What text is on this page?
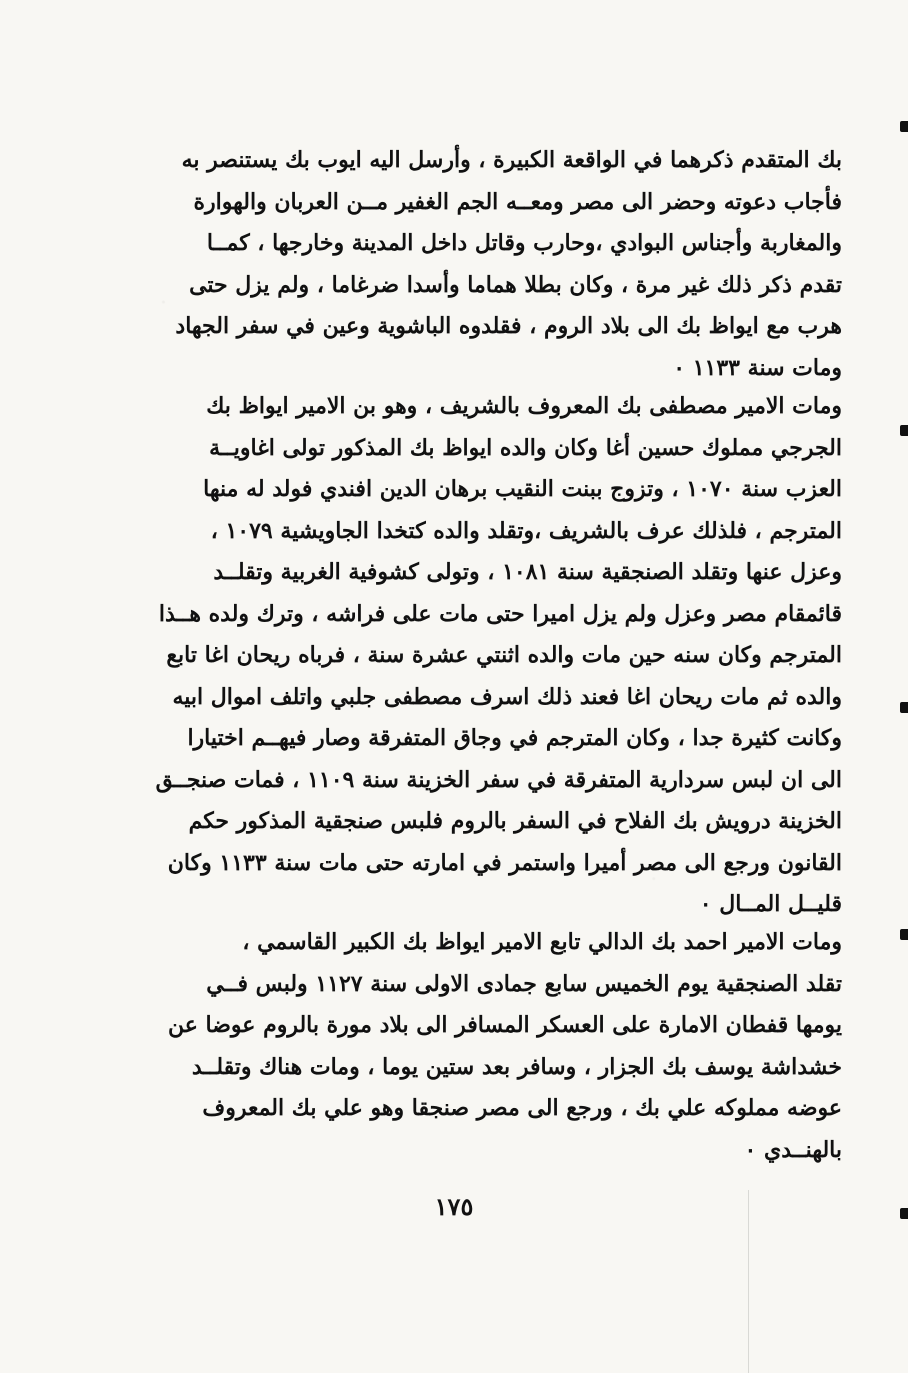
بك المتقدم ذكرهما في الواقعة الكبيرة ، وأرسل اليه ايوب بك يستنصر به
فأجاب دعوته وحضر الى مصر ومعــه الجم الغفير مــن العربان والهوارة
والمغاربة وأجناس البوادي ،وحارب وقاتل داخل المدينة وخارجها ، كمــا
تقدم ذكر ذلك غير مرة ، وكان بطلا هماما وأسدا ضرغاما ، ولم يزل حتى
هرب مع ايواظ بك الى بلاد الروم ، فقلدوه الباشوية وعين في سفر الجهاد
ومات سنة ١١٣٣ ٠
ومات الامير مصطفى بك المعروف بالشريف ، وهو بن الامير ايواظ بك
الجرجي مملوك حسين أغا وكان والده ايواظ بك المذكور تولى اغاويــة
العزب سنة ١٠٧٠ ، وتزوج ببنت النقيب برهان الدين افندي فولد له منها
المترجم ، فلذلك عرف بالشريف ،وتقلد والده كتخدا الجاويشية ١٠٧٩ ،
وعزل عنها وتقلد الصنجقية سنة ١٠٨١ ، وتولى كشوفية الغربية وتقلــد
قائمقام مصر وعزل ولم يزل اميرا حتى مات على فراشه ، وترك ولده هــذا
المترجم وكان سنه حين مات والده اثنتي عشرة سنة ، فرباه ريحان اغا تابع
والده ثم مات ريحان اغا فعند ذلك اسرف مصطفى جلبي واتلف اموال ابيه
وكانت كثيرة جدا ، وكان المترجم في وجاق المتفرقة وصار فيهــم اختيارا
الى ان لبس سردارية المتفرقة في سفر الخزينة سنة ١١٠٩ ، فمات صنجــق
الخزينة درويش بك الفلاح في السفر بالروم فلبس صنجقية المذكور حكم
القانون ورجع الى مصر أميرا واستمر في امارته حتى مات سنة ١١٣٣ وكان
قليــل المــال ٠
ومات الامير احمد بك الدالي تابع الامير ايواظ بك الكبير القاسمي ،
تقلد الصنجقية يوم الخميس سابع جمادى الاولى سنة ١١٢٧ ولبس فــي
يومها قفطان الامارة على العسكر المسافر الى بلاد مورة بالروم عوضا عن
خشداشة يوسف بك الجزار ، وسافر بعد ستين يوما ، ومات هناك وتقلــد
عوضه مملوكه علي بك ، ورجع الى مصر صنجقا وهو علي بك المعروف
بالهنــدي ٠
١٧٥
